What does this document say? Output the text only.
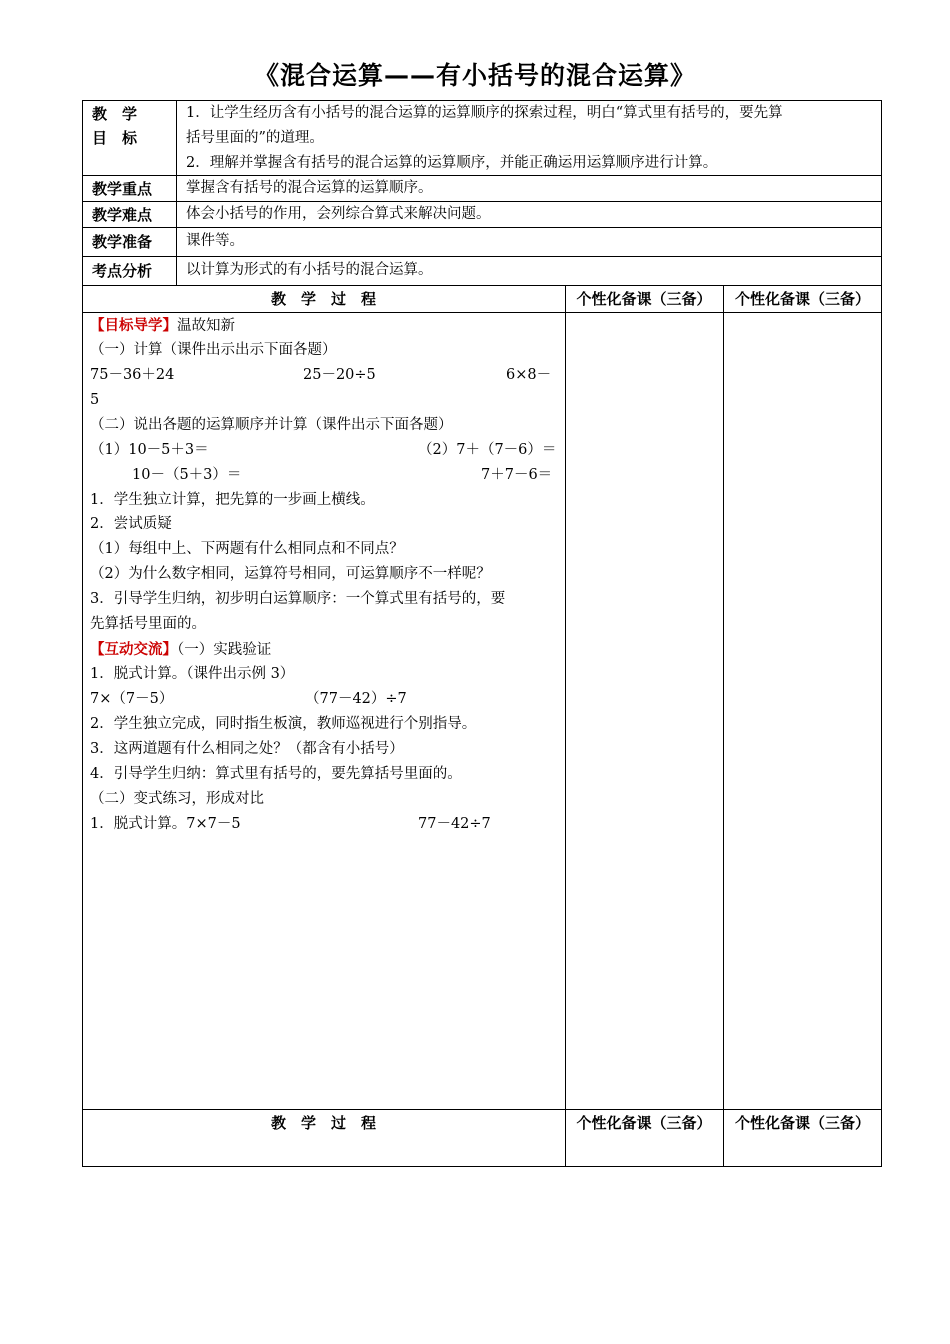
《混合运算——有小括号的混合运算》
教　学
目　标
1．让学生经历含有小括号的混合运算的运算顺序的探索过程，明白“算式里有括号的，要先算
括号里面的”的道理。
2．理解并掌握含有括号的混合运算的运算顺序，并能正确运用运算顺序进行计算。
教学重点 掌握含有括号的混合运算的运算顺序。
教学难点 体会小括号的作用，会列综合算式来解决问题。
教学准备 课件等。
考点分析 以计算为形式的有小括号的混合运算。
教　学　过　程	个性化备课（三备）	个性化备课（三备）
【目标导学】温故知新
（一）计算（课件出示出示下面各题）
75－36＋24	25－20÷5	6×8－
5
（二）说出各题的运算顺序并计算（课件出示下面各题）
（1）10－5＋3＝	（2）7＋（7－6）＝
10－（5＋3）＝	7＋7－6＝
1．学生独立计算，把先算的一步画上横线。
2．尝试质疑
（1）每组中上、下两题有什么相同点和不同点？
（2）为什么数字相同，运算符号相同，可运算顺序不一样呢？
3．引导学生归纳，初步明白运算顺序：一个算式里有括号的，要
先算括号里面的。
【互动交流】（一）实践验证
1．脱式计算。（课件出示例 3）
7×（7－5）	（77－42）÷7
2．学生独立完成，同时指生板演，教师巡视进行个别指导。
3．这两道题有什么相同之处？（都含有小括号）
4．引导学生归纳：算式里有括号的，要先算括号里面的。
（二）变式练习，形成对比
1．脱式计算。7×7－5	77－42÷7
教　学　过　程	个性化备课（三备）	个性化备课（三备）
